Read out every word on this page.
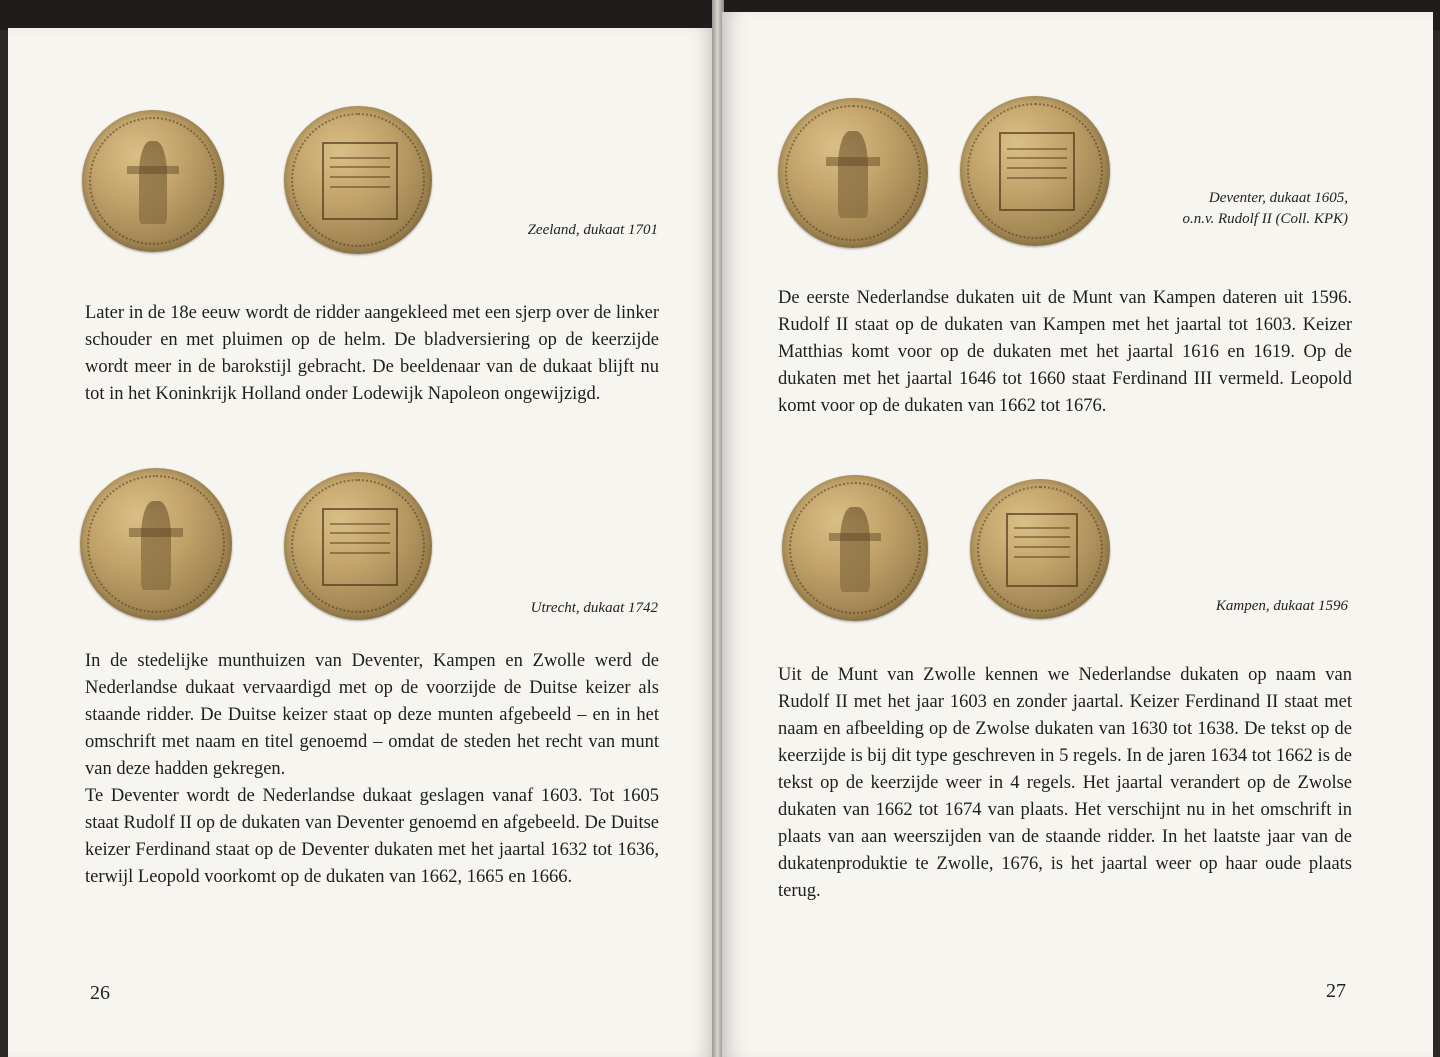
Zeeland, dukaat 1701

Later in de 18e eeuw wordt de ridder aangekleed met een sjerp over de linker schouder en met pluimen op de helm. De bladversiering op de keerzijde wordt meer in de barokstijl gebracht. De beeldenaar van de dukaat blijft nu tot in het Koninkrijk Holland onder Lodewijk Napoleon ongewijzigd.

Utrecht, dukaat 1742

In de stedelijke munthuizen van Deventer, Kampen en Zwolle werd de Nederlandse dukaat vervaardigd met op de voorzijde de Duitse keizer als staande ridder. De Duitse keizer staat op deze munten afgebeeld – en in het omschrift met naam en titel genoemd – omdat de steden het recht van munt van deze hadden gekregen.

Te Deventer wordt de Nederlandse dukaat geslagen vanaf 1603. Tot 1605 staat Rudolf II op de dukaten van Deventer genoemd en afgebeeld. De Duitse keizer Ferdinand staat op de Deventer dukaten met het jaartal 1632 tot 1636, terwijl Leopold voorkomt op de dukaten van 1662, 1665 en 1666.

26
Deventer, dukaat 1605,
o.n.v. Rudolf II (Coll. KPK)

De eerste Nederlandse dukaten uit de Munt van Kampen dateren uit 1596. Rudolf II staat op de dukaten van Kampen met het jaartal tot 1603. Keizer Matthias komt voor op de dukaten met het jaartal 1616 en 1619. Op de dukaten met het jaartal 1646 tot 1660 staat Ferdinand III vermeld. Leopold komt voor op de dukaten van 1662 tot 1676.

Kampen, dukaat 1596

Uit de Munt van Zwolle kennen we Nederlandse dukaten op naam van Rudolf II met het jaar 1603 en zonder jaartal. Keizer Ferdinand II staat met naam en afbeelding op de Zwolse dukaten van 1630 tot 1638. De tekst op de keerzijde is bij dit type geschreven in 5 regels. In de jaren 1634 tot 1662 is de tekst op de keerzijde weer in 4 regels. Het jaartal verandert op de Zwolse dukaten van 1662 tot 1674 van plaats. Het verschijnt nu in het omschrift in plaats van aan weerszijden van de staande ridder. In het laatste jaar van de dukatenproduktie te Zwolle, 1676, is het jaartal weer op haar oude plaats terug.

27
